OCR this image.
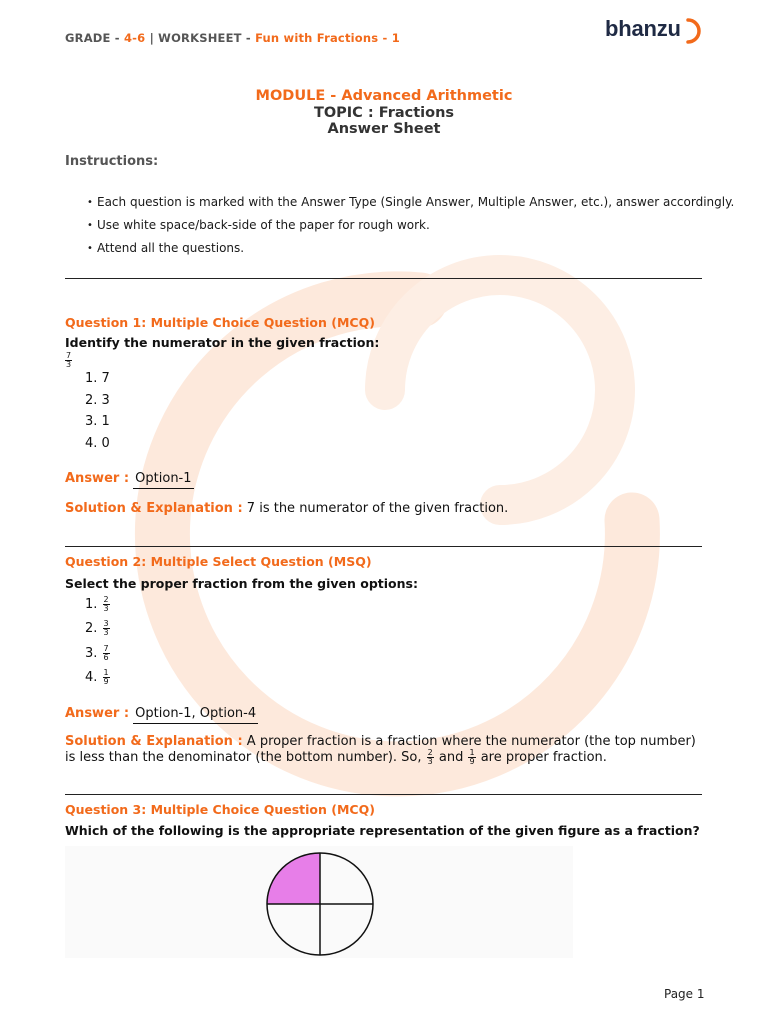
GRADE - 4-6 | WORKSHEET - Fun with Fractions - 1	bhanzu
MODULE - Advanced Arithmetic
TOPIC : Fractions
Answer Sheet
Instructions:
• Each question is marked with the Answer Type (Single Answer, Multiple Answer, etc.), answer accordingly.
• Use white space/back-side of the paper for rough work.
• Attend all the questions.
Question 1: Multiple Choice Question (MCQ)
Identify the numerator in the given fraction:
$\frac{7}{3}$
1. 7
2. 3
3. 1
4. 0
Answer : Option-1
Solution & Explanation : 7 is the numerator of the given fraction.
Question 2: Multiple Select Question (MSQ)
Select the proper fraction from the given options:
1. $\frac{2}{3}$
2. $\frac{3}{3}$
3. $\frac{7}{6}$
4. $\frac{1}{9}$
Answer : Option-1, Option-4
Solution & Explanation : A proper fraction is a fraction where the numerator (the top number) is less than the denominator (the bottom number). So, $\frac{2}{3}$ and $\frac{1}{9}$ are proper fraction.
Question 3: Multiple Choice Question (MCQ)
Which of the following is the appropriate representation of the given figure as a fraction?
Page 1
